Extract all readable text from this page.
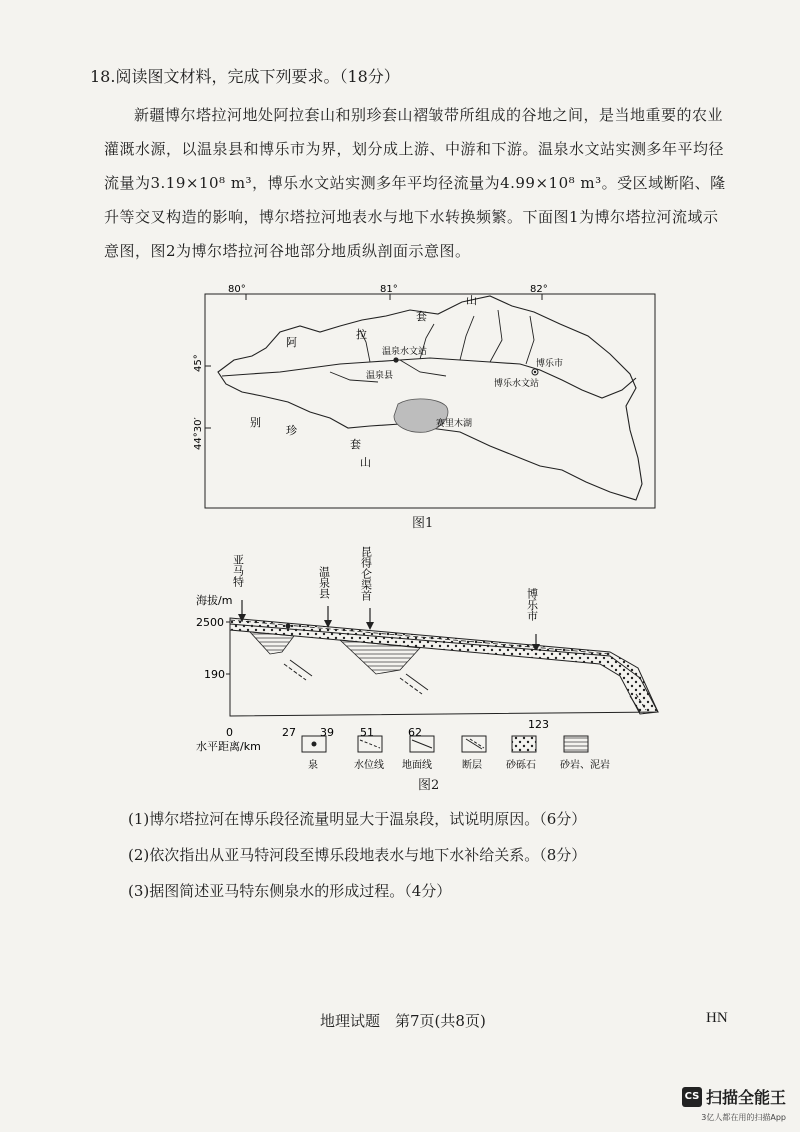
18.阅读图文材料，完成下列要求。（18分）
新疆博尔塔拉河地处阿拉套山和别珍套山褶皱带所组成的谷地之间，是当地重要的农业灌溉水源，以温泉县和博乐市为界，划分成上游、中游和下游。温泉水文站实测多年平均径流量为3.19×10⁸ m³，博乐水文站实测多年平均径流量为4.99×10⁸ m³。受区域断陷、隆升等交叉构造的影响，博尔塔拉河地表水与地下水转换频繁。下面图1为博尔塔拉河流域示意图，图2为博尔塔拉河谷地部分地质纵剖面示意图。
80°	81°	82°
45°
44°30′
阿
拉
套
山
别
珍
套
山
温泉水文站
温泉县
博乐市
博乐水文站
赛里木湖
图1
亚马特	温泉县	昆得仑渠首
博乐市
海拔/m
2500
190
0	27 39 51	62
123
水平距离/km
泉	水位线 地面线	断层 砂砾石 砂岩、泥岩
图2
(1)博尔塔拉河在博乐段径流量明显大于温泉段，试说明原因。（6分）
(2)依次指出从亚马特河段至博乐段地表水与地下水补给关系。（8分）
(3)据图简述亚马特东侧泉水的形成过程。（4分）
地理试题　第7页(共8页)	HN
CS 扫描全能王
3亿人都在用的扫描App
